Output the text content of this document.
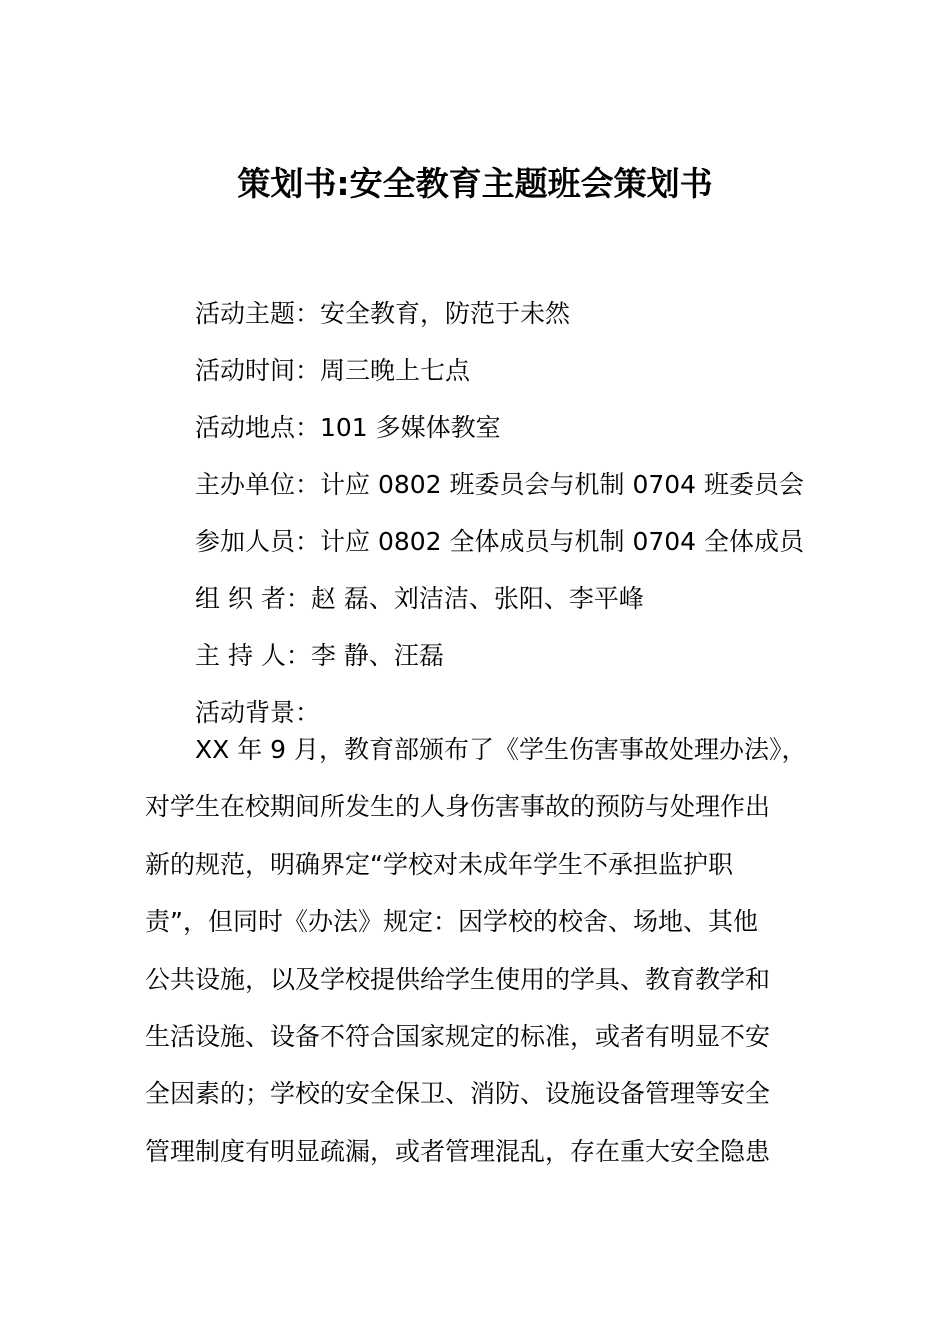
策划书:安全教育主题班会策划书
活动主题：安全教育，防范于未然
活动时间：周三晚上七点
活动地点：101 多媒体教室
主办单位：计应 0802 班委员会与机制 0704 班委员会
参加人员：计应 0802 全体成员与机制 0704 全体成员
组 织 者：赵 磊、刘洁洁、张阳、李平峰
主 持 人：李 静、汪磊
活动背景：
XX 年 9 月，教育部颁布了《学生伤害事故处理办法》，
对学生在校期间所发生的人身伤害事故的预防与处理作出
新的规范，明确界定“学校对未成年学生不承担监护职
责”，但同时《办法》规定：因学校的校舍、场地、其他
公共设施，以及学校提供给学生使用的学具、教育教学和
生活设施、设备不符合国家规定的标准，或者有明显不安
全因素的；学校的安全保卫、消防、设施设备管理等安全
管理制度有明显疏漏，或者管理混乱，存在重大安全隐患
